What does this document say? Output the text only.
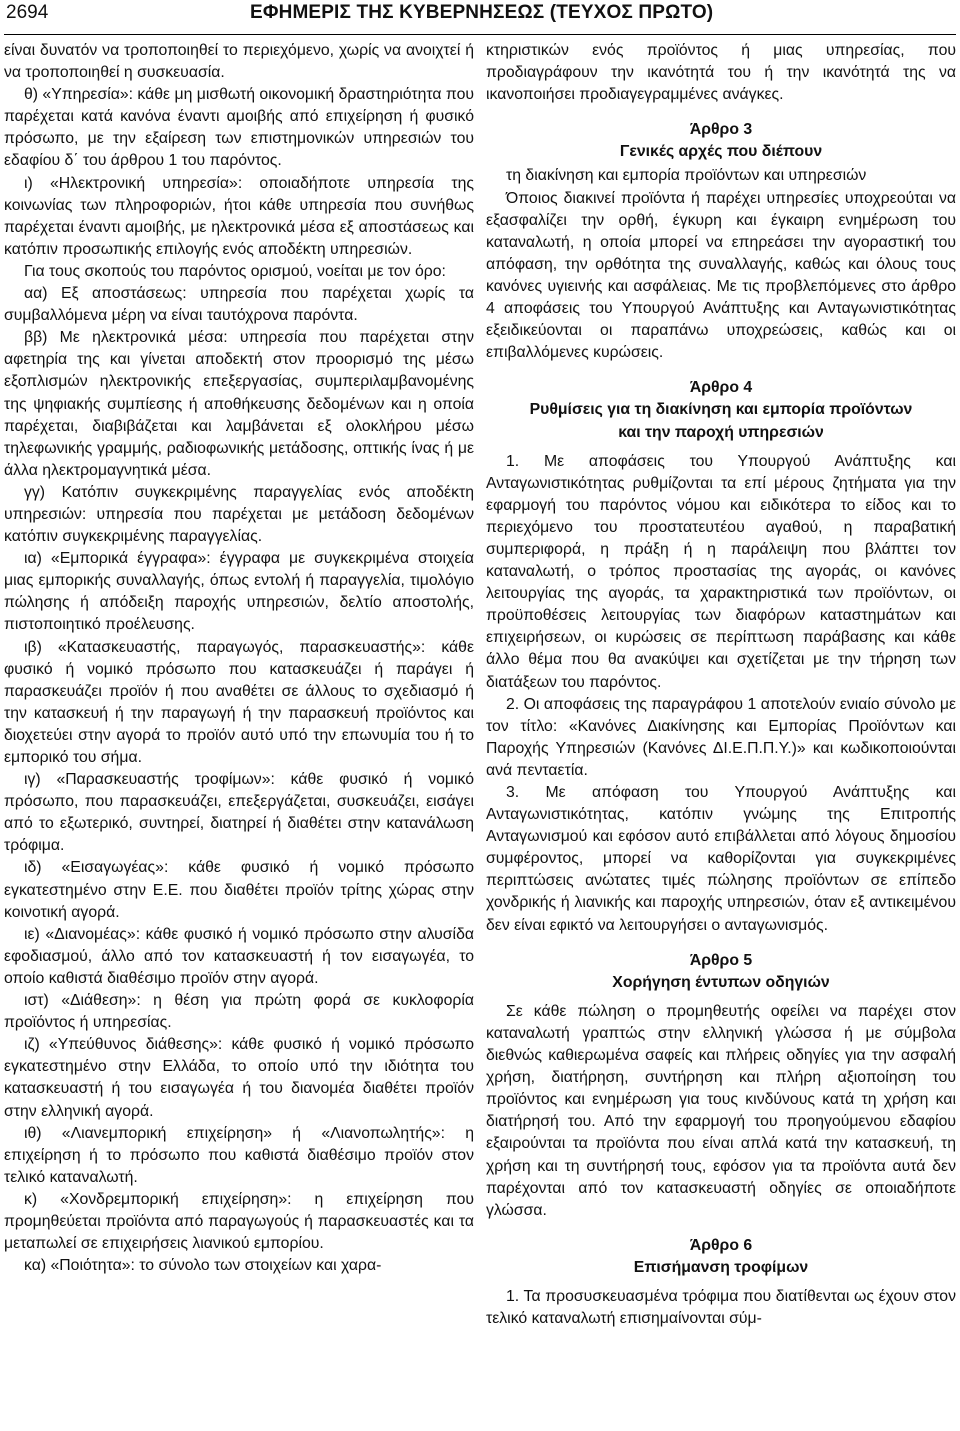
2694	ΕΦΗΜΕΡΙΣ ΤΗΣ ΚΥΒΕΡΝΗΣΕΩΣ (ΤΕΥΧΟΣ ΠΡΩΤΟ)

είναι δυνατόν να τροποποιηθεί το περιεχόμενο, χωρίς να ανοιχτεί ή να τροποποιηθεί η συσκευασία.

θ) «Υπηρεσία»: κάθε μη μισθωτή οικονομική δραστηριότητα που παρέχεται κατά κανόνα έναντι αμοιβής από επιχείρηση ή φυσικό πρόσωπο, με την εξαίρεση των επιστημονικών υπηρεσιών του εδαφίου δ΄ του άρθρου 1 του παρόντος.

ι) «Ηλεκτρονική υπηρεσία»: οποιαδήποτε υπηρεσία της κοινωνίας των πληροφοριών, ήτοι κάθε υπηρεσία που συνήθως παρέχεται έναντι αμοιβής, με ηλεκτρονικά μέσα εξ αποστάσεως και κατόπιν προσωπικής επιλογής ενός αποδέκτη υπηρεσιών.

Για τους σκοπούς του παρόντος ορισμού, νοείται με τον όρο:

αα) Εξ αποστάσεως: υπηρεσία που παρέχεται χωρίς τα συμβαλλόμενα μέρη να είναι ταυτόχρονα παρόντα.

ββ) Με ηλεκτρονικά μέσα: υπηρεσία που παρέχεται στην αφετηρία της και γίνεται αποδεκτή στον προορισμό της μέσω εξοπλισμών ηλεκτρονικής επεξεργασίας, συμπεριλαμβανομένης της ψηφιακής συμπίεσης ή αποθήκευσης δεδομένων και η οποία παρέχεται, διαβιβάζεται και λαμβάνεται εξ ολοκλήρου μέσω τηλεφωνικής γραμμής, ραδιοφωνικής μετάδοσης, οπτικής ίνας ή με άλλα ηλεκτρομαγνητικά μέσα.

γγ) Κατόπιν συγκεκριμένης παραγγελίας ενός αποδέκτη υπηρεσιών: υπηρεσία που παρέχεται με μετάδοση δεδομένων κατόπιν συγκεκριμένης παραγγελίας.

ια) «Εμπορικά έγγραφα»: έγγραφα με συγκεκριμένα στοιχεία μιας εμπορικής συναλλαγής, όπως εντολή ή παραγγελία, τιμολόγιο πώλησης ή απόδειξη παροχής υπηρεσιών, δελτίο αποστολής, πιστοποιητικό προέλευσης.

ιβ) «Κατασκευαστής, παραγωγός, παρασκευαστής»: κάθε φυσικό ή νομικό πρόσωπο που κατασκευάζει ή παράγει ή παρασκευάζει προϊόν ή που αναθέτει σε άλλους το σχεδιασμό ή την κατασκευή ή την παραγωγή ή την παρασκευή προϊόντος και διοχετεύει στην αγορά το προϊόν αυτό υπό την επωνυμία του ή το εμπορικό του σήμα.

ιγ) «Παρασκευαστής τροφίμων»: κάθε φυσικό ή νομικό πρόσωπο, που παρασκευάζει, επεξεργάζεται, συσκευάζει, εισάγει από το εξωτερικό, συντηρεί, διατηρεί ή διαθέτει στην κατανάλωση τρόφιμα.

ιδ) «Εισαγωγέας»: κάθε φυσικό ή νομικό πρόσωπο εγκατεστημένο στην Ε.Ε. που διαθέτει προϊόν τρίτης χώρας στην κοινοτική αγορά.

ιε) «Διανομέας»: κάθε φυσικό ή νομικό πρόσωπο στην αλυσίδα εφοδιασμού, άλλο από τον κατασκευαστή ή τον εισαγωγέα, το οποίο καθιστά διαθέσιμο προϊόν στην αγορά.

ιστ) «Διάθεση»: η θέση για πρώτη φορά σε κυκλοφορία προϊόντος ή υπηρεσίας.

ιζ) «Υπεύθυνος διάθεσης»: κάθε φυσικό ή νομικό πρόσωπο εγκατεστημένο στην Ελλάδα, το οποίο υπό την ιδιότητα του κατασκευαστή ή του εισαγωγέα ή του διανομέα διαθέτει προϊόν στην ελληνική αγορά.

ιθ) «Λιανεμπορική επιχείρηση» ή «Λιανοπωλητής»: η επιχείρηση ή το πρόσωπο που καθιστά διαθέσιμο προϊόν στον τελικό καταναλωτή.

κ) «Χονδρεμπορική επιχείρηση»: η επιχείρηση που προμηθεύεται προϊόντα από παραγωγούς ή παρασκευαστές και τα μεταπωλεί σε επιχειρήσεις λιανικού εμπορίου.

κα) «Ποιότητα»: το σύνολο των στοιχείων και χαρα-

κτηριστικών ενός προϊόντος ή μιας υπηρεσίας, που προδιαγράφουν την ικανότητά του ή την ικανότητά της να ικανοποιήσει προδιαγεγραμμένες ανάγκες.

Άρθρο 3
Γενικές αρχές που διέπουν

τη διακίνηση και εμπορία προϊόντων και υπηρεσιών

Όποιος διακινεί προϊόντα ή παρέχει υπηρεσίες υποχρεούται να εξασφαλίζει την ορθή, έγκυρη και έγκαιρη ενημέρωση του καταναλωτή, η οποία μπορεί να επηρεάσει την αγοραστική του απόφαση, την ορθότητα της συναλλαγής, καθώς και όλους τους κανόνες υγιεινής και ασφάλειας. Με τις προβλεπόμενες στο άρθρο 4 αποφάσεις του Υπουργού Ανάπτυξης και Ανταγωνιστικότητας εξειδικεύονται οι παραπάνω υποχρεώσεις, καθώς και οι επιβαλλόμενες κυρώσεις.

Άρθρο 4
Ρυθμίσεις για τη διακίνηση και εμπορία προϊόντων
και την παροχή υπηρεσιών

1. Με αποφάσεις του Υπουργού Ανάπτυξης και Ανταγωνιστικότητας ρυθμίζονται τα επί μέρους ζητήματα για την εφαρμογή του παρόντος νόμου και ειδικότερα το είδος και το περιεχόμενο του προστατευτέου αγαθού, η παραβατική συμπεριφορά, η πράξη ή η παράλειψη που βλάπτει τον καταναλωτή, ο τρόπος προστασίας της αγοράς, οι κανόνες λειτουργίας της αγοράς, τα χαρακτηριστικά των προϊόντων, οι προϋποθέσεις λειτουργίας των διαφόρων καταστημάτων και επιχειρήσεων, οι κυρώσεις σε περίπτωση παράβασης και κάθε άλλο θέμα που θα ανακύψει και σχετίζεται με την τήρηση των διατάξεων του παρόντος.

2. Οι αποφάσεις της παραγράφου 1 αποτελούν ενιαίο σύνολο με τον τίτλο: «Κανόνες Διακίνησης και Εμπορίας Προϊόντων και Παροχής Υπηρεσιών (Κανόνες ΔΙ.Ε.Π.Π.Υ.)» και κωδικοποιούνται ανά πενταετία.

3. Με απόφαση του Υπουργού Ανάπτυξης και Ανταγωνιστικότητας, κατόπιν γνώμης της Επιτροπής Ανταγωνισμού και εφόσον αυτό επιβάλλεται από λόγους δημοσίου συμφέροντος, μπορεί να καθορίζονται για συγκεκριμένες περιπτώσεις ανώτατες τιμές πώλησης προϊόντων σε επίπεδο χονδρικής ή λιανικής και παροχής υπηρεσιών, όταν εξ αντικειμένου δεν είναι εφικτό να λειτουργήσει ο ανταγωνισμός.

Άρθρο 5
Χορήγηση έντυπων οδηγιών

Σε κάθε πώληση ο προμηθευτής οφείλει να παρέχει στον καταναλωτή γραπτώς στην ελληνική γλώσσα ή με σύμβολα διεθνώς καθιερωμένα σαφείς και πλήρεις οδηγίες για την ασφαλή χρήση, διατήρηση, συντήρηση και πλήρη αξιοποίηση του προϊόντος και ενημέρωση για τους κινδύνους κατά τη χρήση και διατήρησή του. Από την εφαρμογή του προηγούμενου εδαφίου εξαιρούνται τα προϊόντα που είναι απλά κατά την κατασκευή, τη χρήση και τη συντήρησή τους, εφόσον για τα προϊόντα αυτά δεν παρέχονται από τον κατασκευαστή οδηγίες σε οποιαδήποτε γλώσσα.

Άρθρο 6
Επισήμανση τροφίμων

1. Τα προσυσκευασμένα τρόφιμα που διατίθενται ως έχουν στον τελικό καταναλωτή επισημαίνονται σύμ-
